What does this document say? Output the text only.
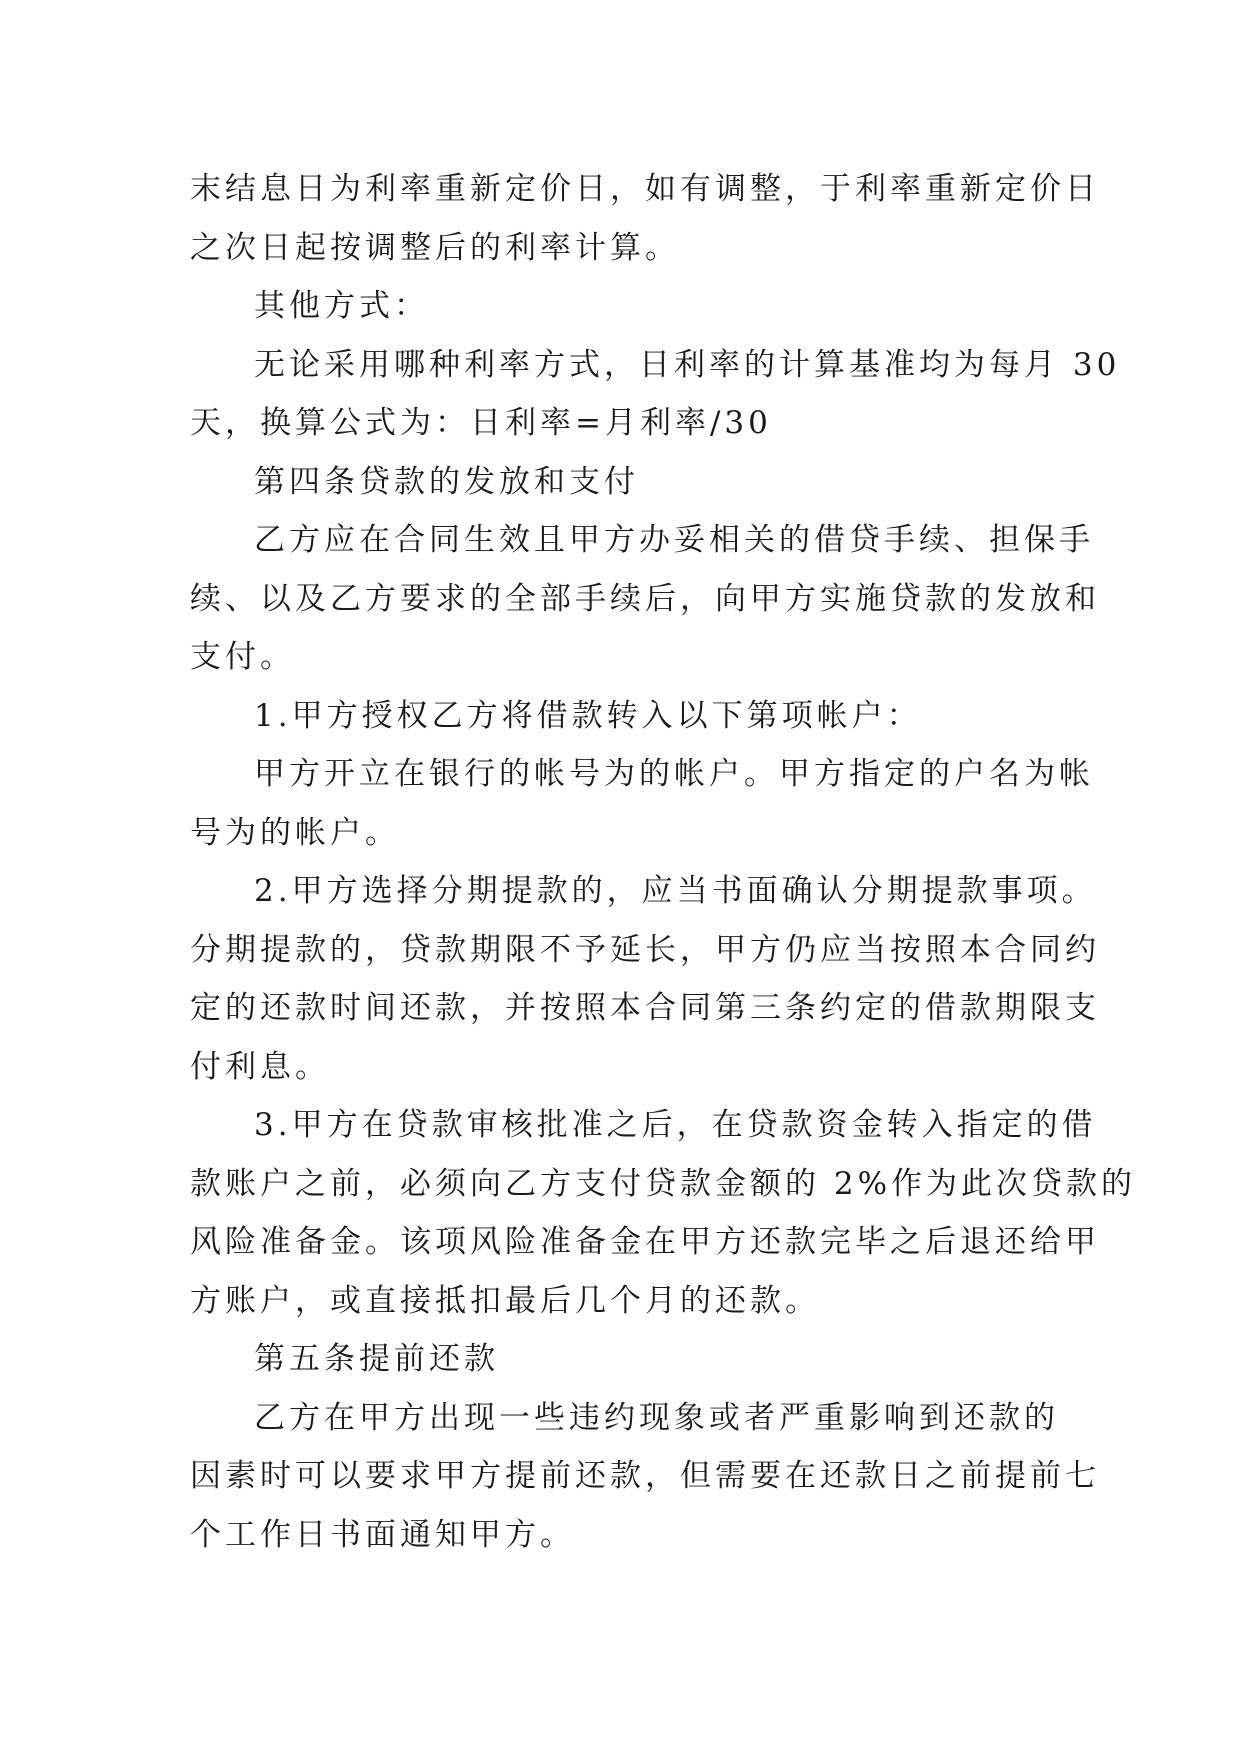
末结息日为利率重新定价日，如有调整，于利率重新定价日
之次日起按调整后的利率计算。
其他方式：
无论采用哪种利率方式，日利率的计算基准均为每月 30
天，换算公式为：日利率=月利率/30
第四条贷款的发放和支付
乙方应在合同生效且甲方办妥相关的借贷手续、担保手
续、以及乙方要求的全部手续后，向甲方实施贷款的发放和
支付。
1.甲方授权乙方将借款转入以下第项帐户：
甲方开立在银行的帐号为的帐户。甲方指定的户名为帐
号为的帐户。
2.甲方选择分期提款的，应当书面确认分期提款事项。
分期提款的，贷款期限不予延长，甲方仍应当按照本合同约
定的还款时间还款，并按照本合同第三条约定的借款期限支
付利息。
3.甲方在贷款审核批准之后，在贷款资金转入指定的借
款账户之前，必须向乙方支付贷款金额的 2%作为此次贷款的
风险准备金。该项风险准备金在甲方还款完毕之后退还给甲
方账户，或直接抵扣最后几个月的还款。
第五条提前还款
乙方在甲方出现一些违约现象或者严重影响到还款的
因素时可以要求甲方提前还款，但需要在还款日之前提前七
个工作日书面通知甲方。
